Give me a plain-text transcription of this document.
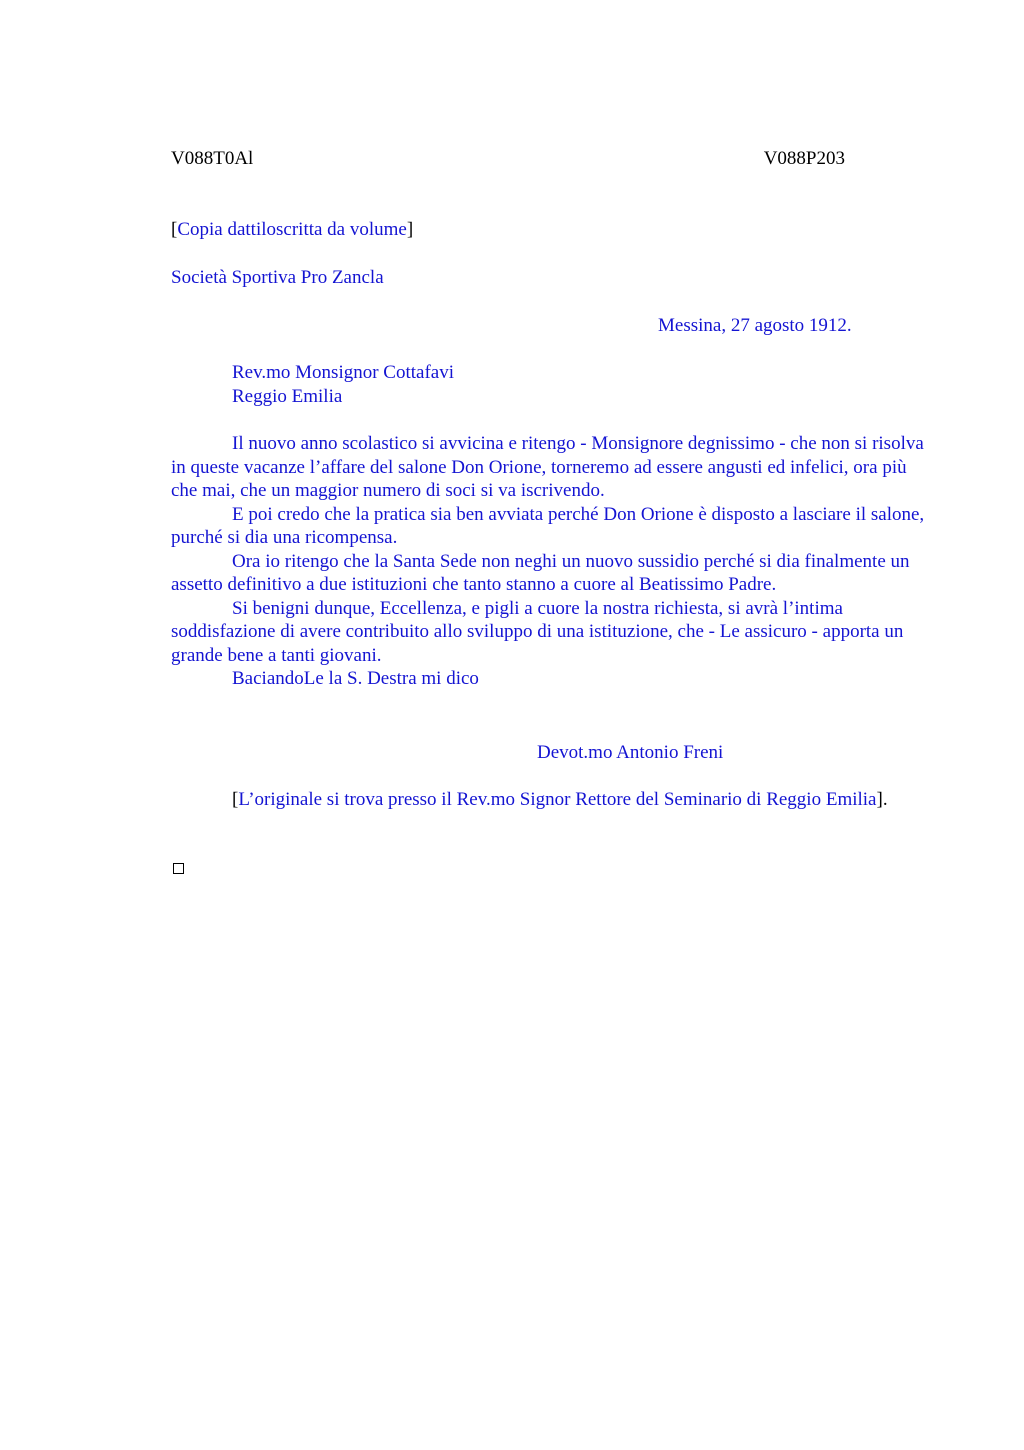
V088T0Al	V088P203
[Copia dattiloscritta da volume]
Società Sportiva Pro Zancla
Messina, 27 agosto 1912.
Rev.mo Monsignor Cottafavi
Reggio Emilia

Il nuovo anno scolastico si avvicina e ritengo - Monsignore degnissimo - che non si risolva in queste vacanze l’affare del salone Don Orione, torneremo ad essere angusti ed infelici, ora più che mai, che un maggior numero di soci si va iscrivendo.

E poi credo che la pratica sia ben avviata perché Don Orione è disposto a lasciare il salone, purché si dia una ricompensa.

Ora io ritengo che la Santa Sede non neghi un nuovo sussidio perché si dia finalmente un assetto definitivo a due istituzioni che tanto stanno a cuore al Beatissimo Padre.

Si benigni dunque, Eccellenza, e pigli a cuore la nostra richiesta, si avrà l’intima soddisfazione di avere contribuito allo sviluppo di una istituzione, che - Le assicuro - apporta un grande bene a tanti giovani.

BaciandoLe la S. Destra mi dico

Devot.mo Antonio Freni

[L’originale si trova presso il Rev.mo Signor Rettore del Seminario di Reggio Emilia].
